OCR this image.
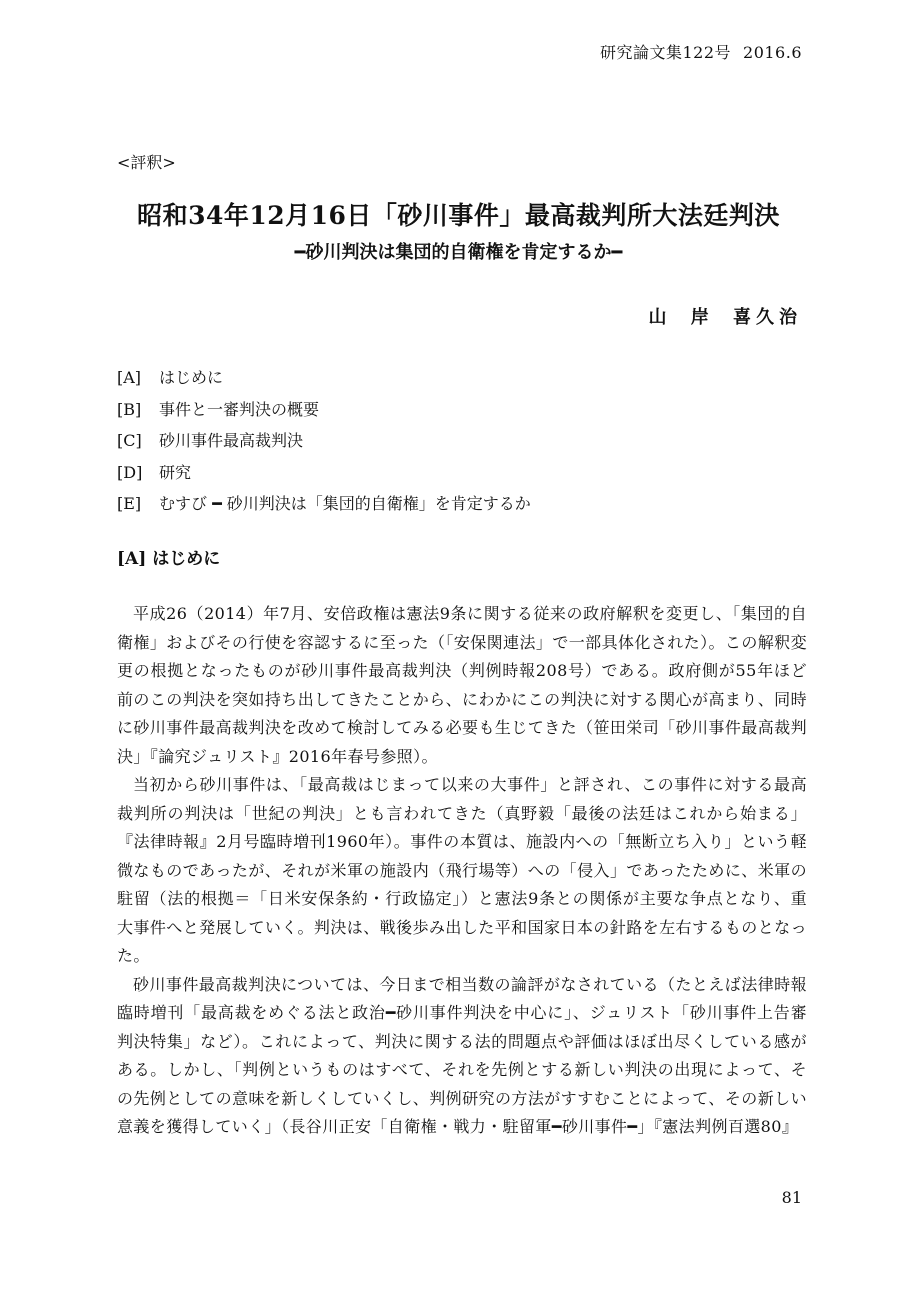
研究論文集122号 2016.6
<評釈>
昭和34年12月16日「砂川事件」最高裁判所大法廷判決
━砂川判決は集団的自衛権を肯定するか━
山 岸 喜久治
[A] はじめに
[B] 事件と一審判決の概要
[C] 砂川事件最高裁判決
[D] 研究
[E] むすび ━ 砂川判決は「集団的自衛権」を肯定するか
[A] はじめに

平成26（2014）年7月、安倍政権は憲法9条に関する従来の政府解釈を変更し、「集団的自衛権」およびその行使を容認するに至った（「安保関連法」で一部具体化された）。この解釈変更の根拠となったものが砂川事件最高裁判決（判例時報208号）である。政府側が55年ほど前のこの判決を突如持ち出してきたことから、にわかにこの判決に対する関心が高まり、同時に砂川事件最高裁判決を改めて検討してみる必要も生じてきた（笹田栄司「砂川事件最高裁判決」『論究ジュリスト』2016年春号参照）。

当初から砂川事件は、「最高裁はじまって以来の大事件」と評され、この事件に対する最高裁判所の判決は「世紀の判決」とも言われてきた（真野毅「最後の法廷はこれから始まる」『法律時報』2月号臨時増刊1960年）。事件の本質は、施設内への「無断立ち入り」という軽微なものであったが、それが米軍の施設内（飛行場等）への「侵入」であったために、米軍の駐留（法的根拠＝「日米安保条約・行政協定」）と憲法9条との関係が主要な争点となり、重大事件へと発展していく。判決は、戦後歩み出した平和国家日本の針路を左右するものとなった。

砂川事件最高裁判決については、今日まで相当数の論評がなされている（たとえば法律時報臨時増刊「最高裁をめぐる法と政治━砂川事件判決を中心に」、ジュリスト「砂川事件上告審判決特集」など）。これによって、判決に関する法的問題点や評価はほぼ出尽くしている感がある。しかし、「判例というものはすべて、それを先例とする新しい判決の出現によって、その先例としての意味を新しくしていくし、判例研究の方法がすすむことによって、その新しい意義を獲得していく」（長谷川正安「自衛権・戦力・駐留軍━砂川事件━」『憲法判例百選80』

81
